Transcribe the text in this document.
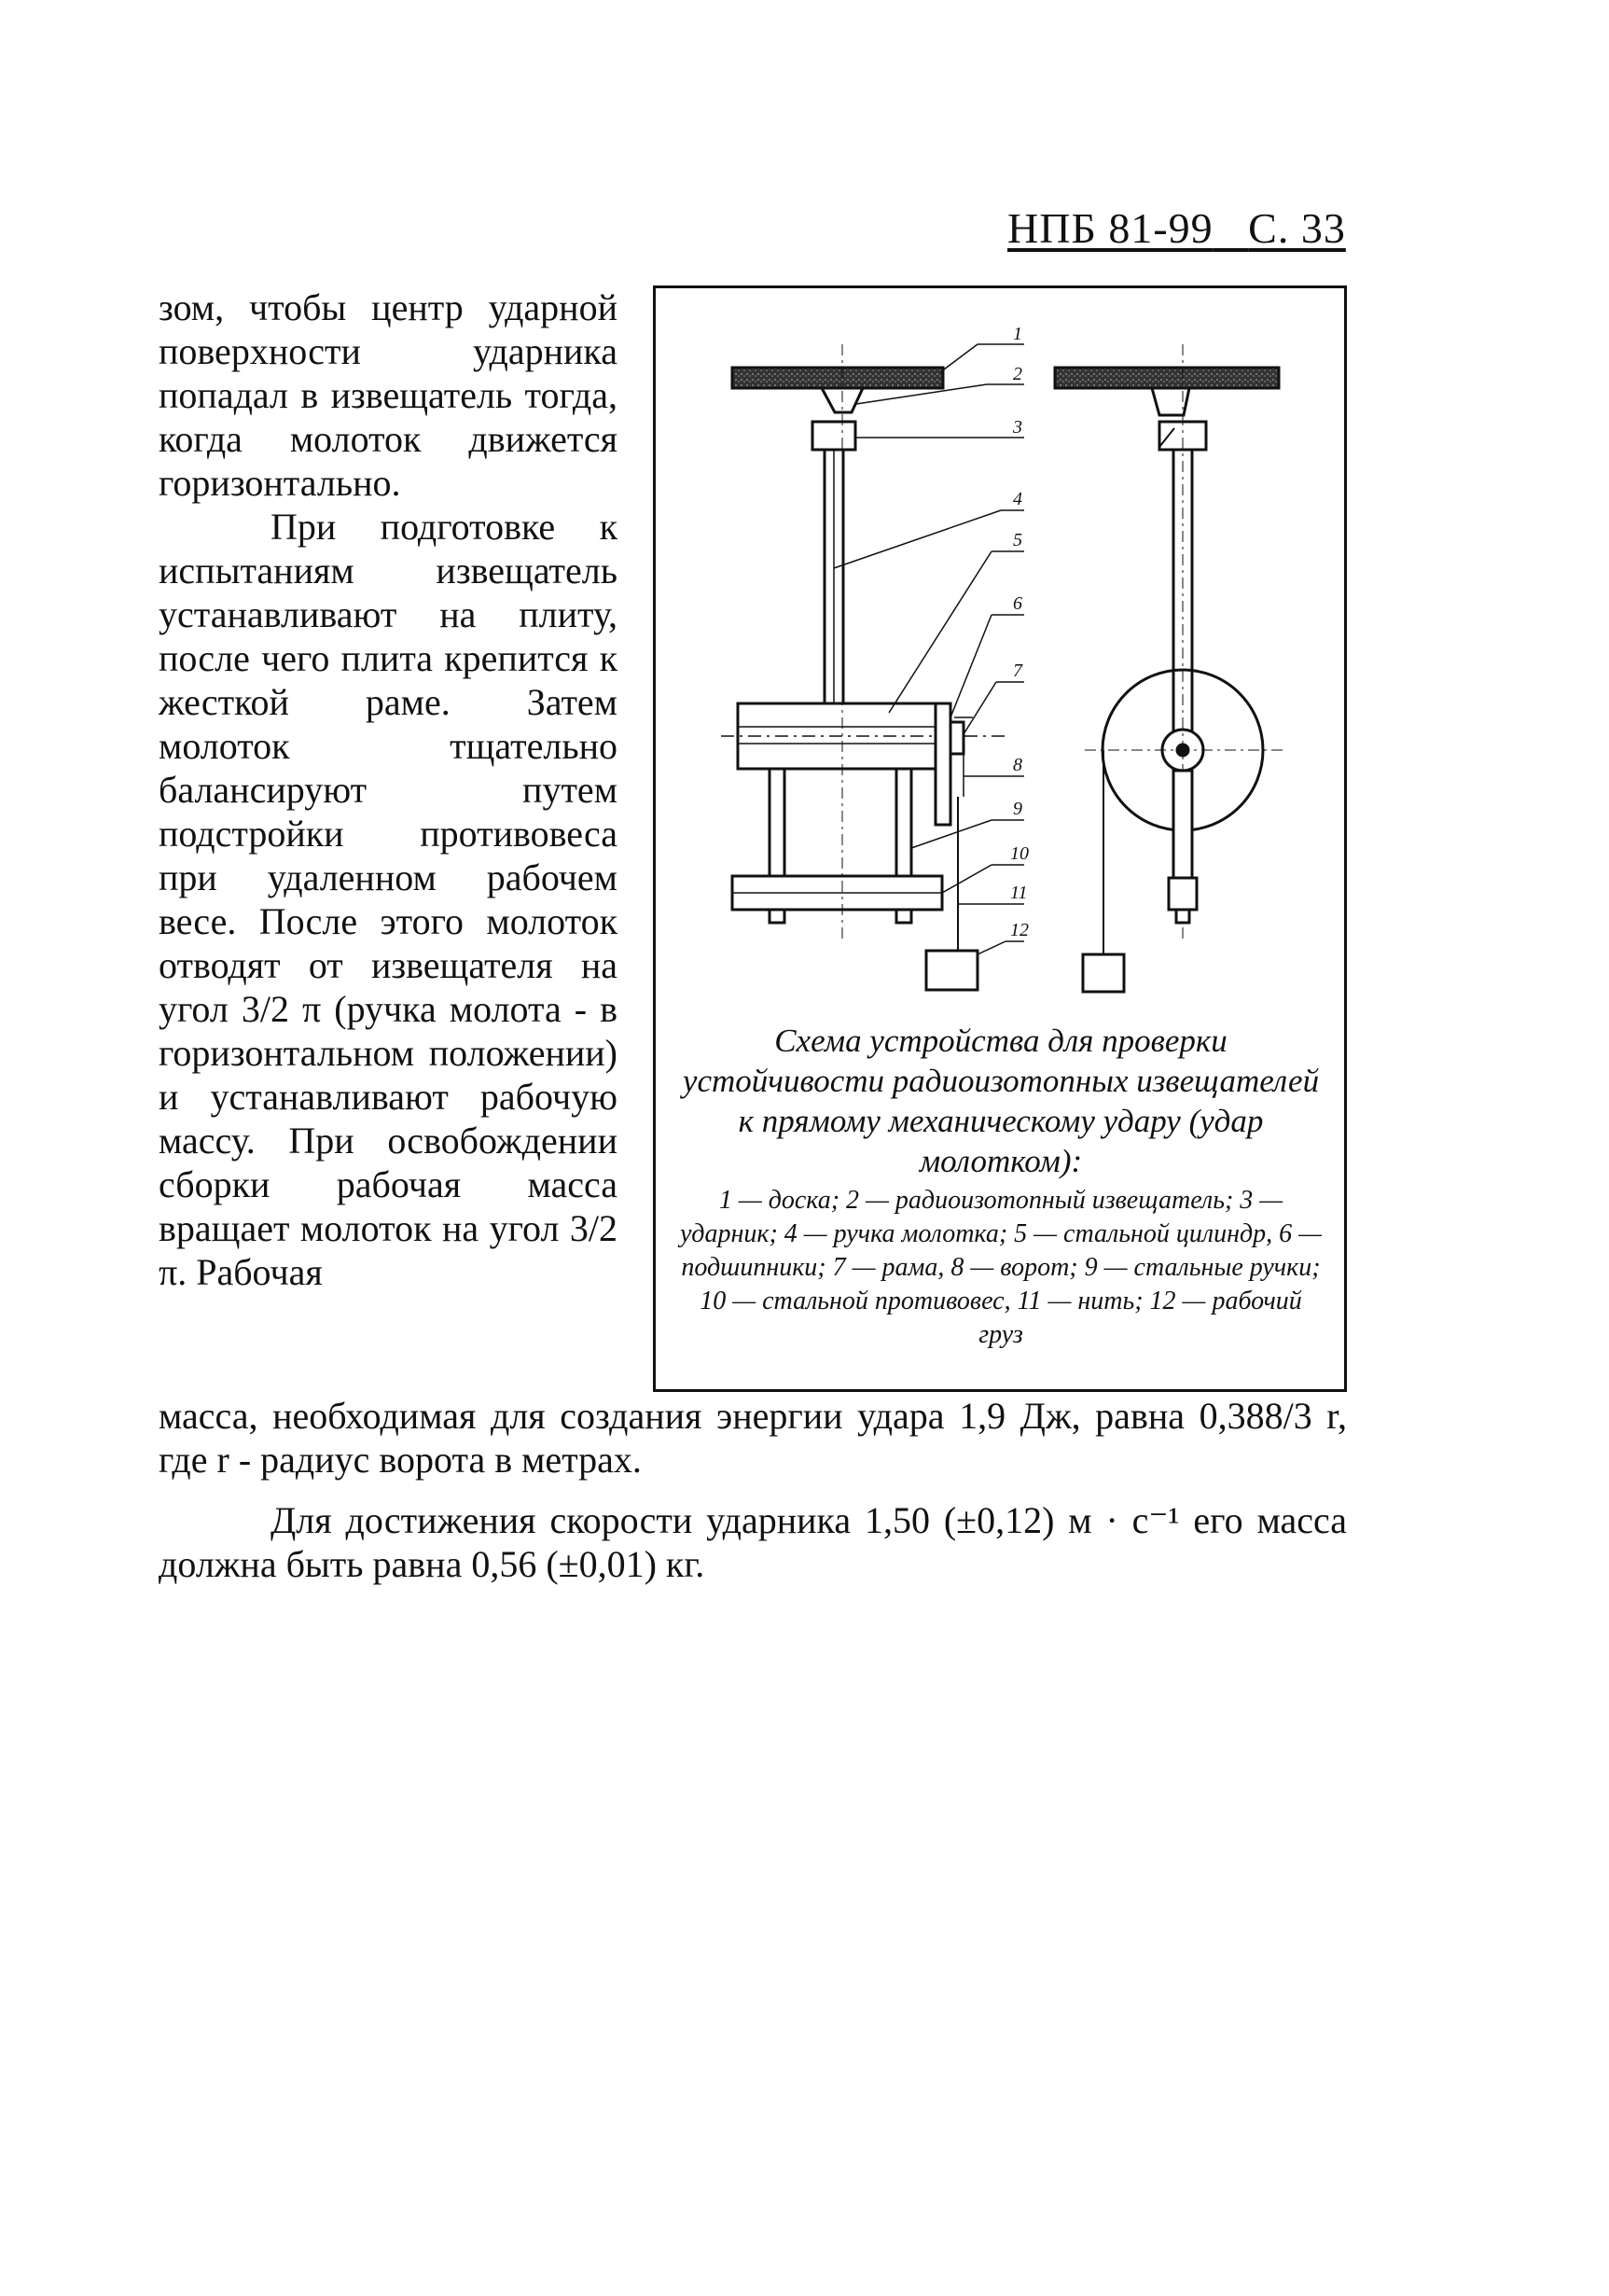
НПБ 81-99 С. 33

зом, чтобы центр ударной поверхности ударника попадал в извещатель тогда, когда молоток движется горизонтально.

При подготовке к испытаниям извещатель устанавливают на плиту, после чего плита крепится к жесткой раме. Затем молоток тщательно балансируют путем подстройки противовеса при удаленном рабочем весе. После этого молоток отводят от извещателя на угол 3/2 π (ручка молота - в горизонтальном положении) и устанавливают рабочую массу. При освобождении сборки рабочая масса вращает молоток на угол 3/2 π. Рабочая

1
2
3
4
5
6
7
8
9
10
11
12
Схема устройства для проверки устойчивости радиоизотопных извещателей к прямому механическому удару (удар молотком):
1 — доска; 2 — радиоизотопный извещатель; 3 — ударник; 4 — ручка молотка; 5 — стальной цилиндр, 6 — подшипники; 7 — рама, 8 — ворот; 9 — стальные ручки; 10 — стальной противовес, 11 — нить; 12 — рабочий груз

масса, необходимая для создания энергии удара 1,9 Дж, равна 0,388/3 r, где r - радиус ворота в метрах.

Для достижения скорости ударника 1,50 (±0,12) м · с⁻¹ его масса должна быть равна 0,56 (±0,01) кг.
